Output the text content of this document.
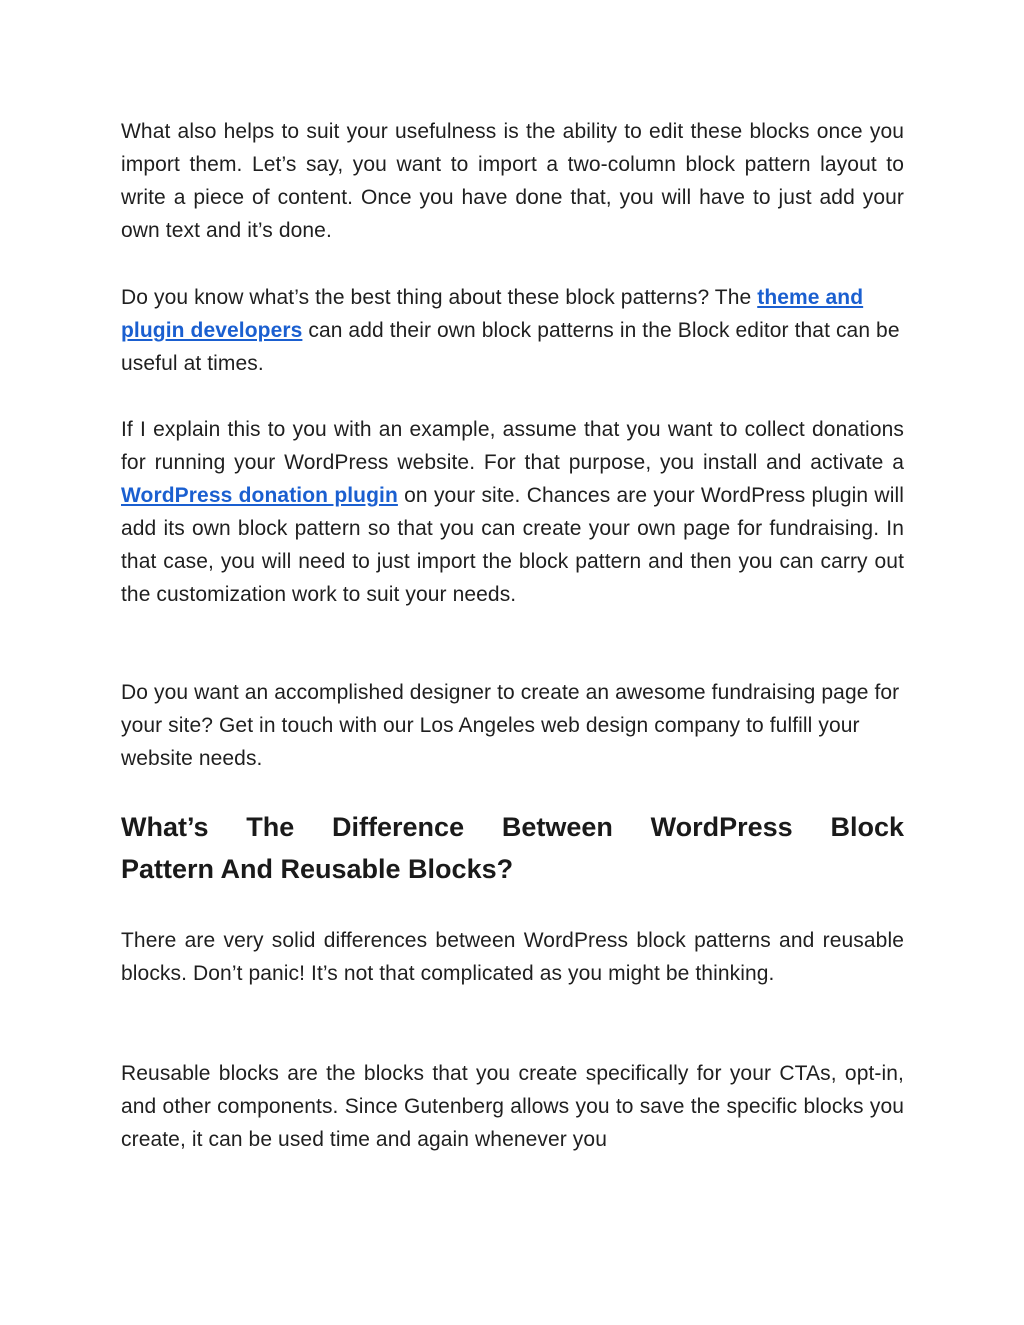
What also helps to suit your usefulness is the ability to edit these blocks once you import them. Let’s say, you want to import a two-column block pattern layout to write a piece of content. Once you have done that, you will have to just add your own text and it’s done.

Do you know what’s the best thing about these block patterns? The theme and plugin developers can add their own block patterns in the Block editor that can be useful at times.

If I explain this to you with an example, assume that you want to collect donations for running your WordPress website. For that purpose, you install and activate a WordPress donation plugin on your site. Chances are your WordPress plugin will add its own block pattern so that you can create your own page for fundraising. In that case, you will need to just import the block pattern and then you can carry out the customization work to suit your needs.

Do you want an accomplished designer to create an awesome fundraising page for your site? Get in touch with our Los Angeles web design company to fulfill your website needs.

What’s The Difference Between WordPress Block
Pattern And Reusable Blocks?

There are very solid differences between WordPress block patterns and reusable blocks. Don’t panic! It’s not that complicated as you might be thinking.

Reusable blocks are the blocks that you create specifically for your CTAs, opt-in, and other components. Since Gutenberg allows you to save the specific blocks you create, it can be used time and again whenever you
